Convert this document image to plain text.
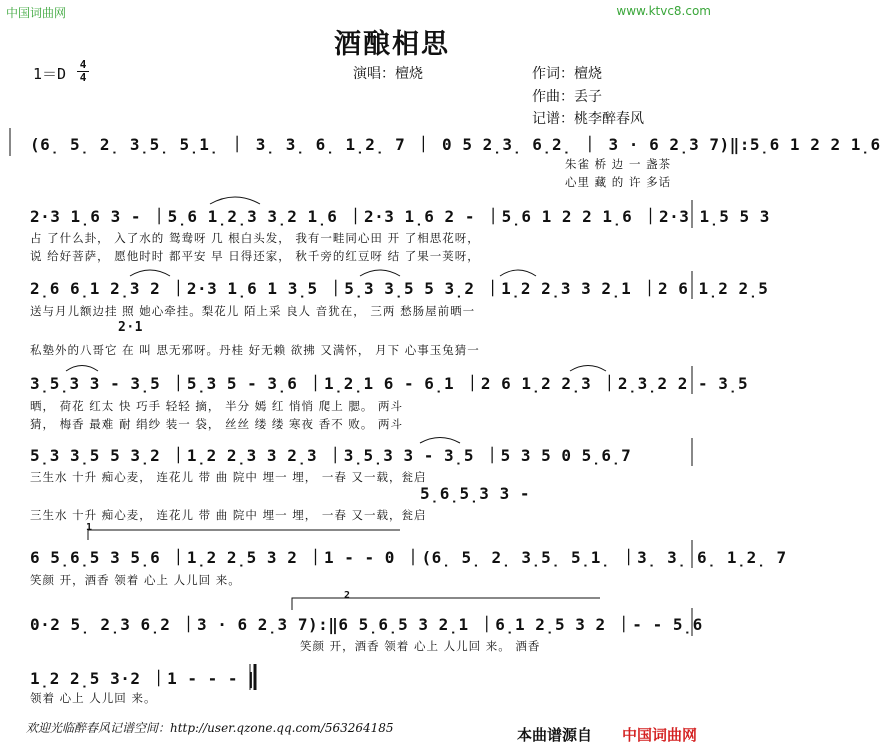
中国词曲网	www.ktvc8.com
酒酿相思
1＝D
4
4	演唱：檀烧	作词：檀烧
作曲：丢子
记谱：桃李醉春风
(6̣ 5̣ 2̣ 3̣5̣ 5̣1̣ ｜ 3̣ 3̣ 6̣ 1̣2̣ 7 ｜ 0 5 2̣3̣ 6̣2̣ ｜ 3 · 6 2̣3 7)‖:5̣6 1 2 2 1̣6
朱雀 桥 边 一 盏茶
心里 藏 的 许 多话
2·3 1̣6 3 - ｜5̣6 1̣2̣3 3̣2 1̣6 ｜2·3 1̣6 2 - ｜5̣6 1 2 2 1̣6 ｜2·3 1̣5 5 3
占 了什么卦， 入了水的 鸳鸯呀 几 根白头发， 我有一畦同心田 开 了相思花呀，
说 给好菩萨， 愿他时时 都平安 早 日得还家， 秋千旁的红豆呀 结 了果一荚呀，
2̣6 6̣1 2̣3 2 ｜2·3 1̣6 1 3̣5 ｜5̣3 3̣5 5 3̣2 ｜1̣2 2̣3 3 2̣1 ｜2 6 1̣2 2̣5
送与月儿额边挂 照 她心牵挂。梨花儿 陌上采 良人 音犹在， 三两 愁肠屋前晒一
2·1
私塾外的八哥它 在 叫 思无邪呀。丹桂 好无赖 欲拂 又满怀， 月下 心事玉兔猜一
3̣5̣3 3 - 3̣5 ｜5̣3 5 - 3̣6 ｜1̣2̣1 6 - 6̣1 ｜2 6 1̣2 2̣3 ｜2̣3̣2 2 - 3̣5
晒， 荷花 红太 快 巧手 轻轻 摘， 半分 嫣 红 悄悄 爬上 腮。 两斗
猜， 梅香 最难 耐 绢纱 装一 袋， 丝丝 缕 缕 寒夜 香不 败。 两斗
5̣3 3̣5 5 3̣2 ｜1̣2 2̣3 3 2̣3 ｜3̣5̣3 3 - 3̣5 ｜5 3 5 0 5̣6̣7
三生水 十升 痴心麦， 连花儿 带 曲 院中 埋一 埋， 一春 又一载，瓮启
5̣6̣5̣3 3 -
三生水 十升 痴心麦， 连花儿 带 曲 院中 埋一 埋， 一春 又一载，瓮启
1
6 5̣6̣5 3 5̣6 ｜1̣2 2̣5 3 2 ｜1 - - 0 ｜(6̣ 5̣ 2̣ 3̣5̣ 5̣1̣ ｜3̣ 3̣ 6̣ 1̣2̣ 7
笑颜 开，酒香 领着 心上 人儿回 来。
2
0·2 5̣ 2̣3 6̣2 ｜3 · 6 2̣3 7):‖6 5̣6̣5 3 2̣1 ｜6̣1 2̣5 3 2 ｜- - 5̣6
笑颜 开，酒香 领着 心上 人儿回 来。 酒香
1̣2 2̣5 3·2 ｜1 - - - ‖
领着 心上 人儿回 来。
欢迎光临醉春风记谱空间：http://user.qzone.qq.com/563264185	本曲谱源自 中国词曲网
